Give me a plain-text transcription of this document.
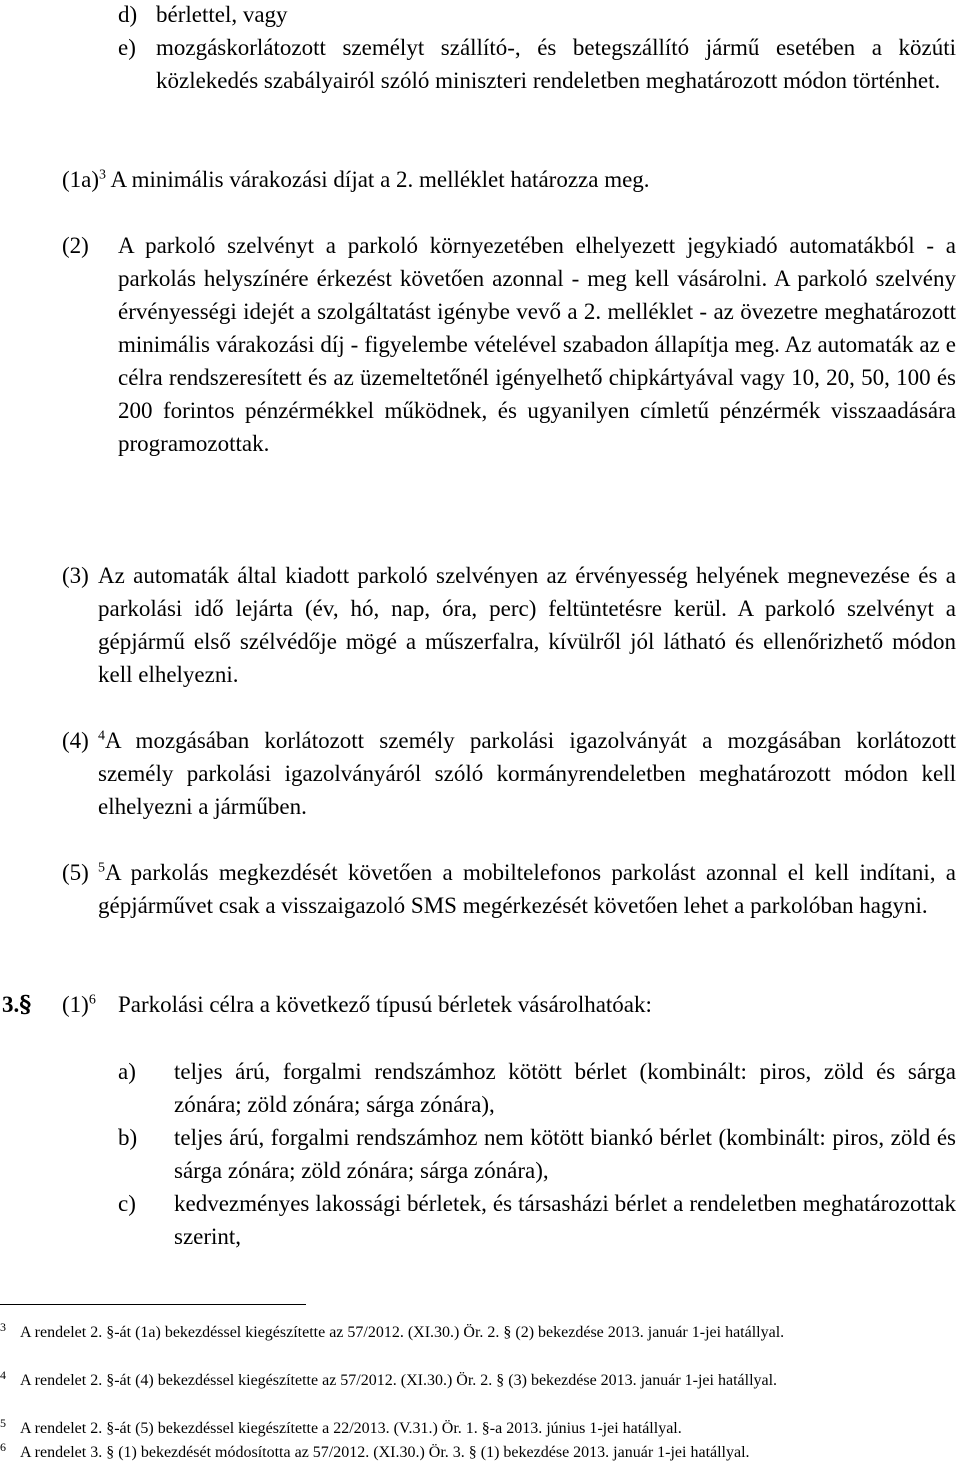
d) bérlettel, vagy
e) mozgáskorlátozott személyt szállító-, és betegszállító jármű esetében a közúti közlekedés szabályairól szóló miniszteri rendeletben meghatározott módon történhet.
$(1a)^3$ A minimális várakozási díjat a 2. melléklet határozza meg.
(2) A parkoló szelvényt a parkoló környezetében elhelyezett jegykiadó automatákból - a parkolás helyszínére érkezést követően azonnal - meg kell vásárolni. A parkoló szelvény érvényességi idejét a szolgáltatást igénybe vevő a 2. melléklet - az övezetre meghatározott minimális várakozási díj - figyelembe vételével szabadon állapítja meg. Az automaták az e célra rendszeresített és az üzemeltetőnél igényelhető chipkártyával vagy 10, 20, 50, 100 és 200 forintos pénzérmékkel működnek, és ugyanilyen címletű pénzérmék visszaadására programozottak.
(3) Az automaták által kiadott parkoló szelvényen az érvényesség helyének megnevezése és a parkolási idő lejárta (év, hó, nap, óra, perc) feltüntetésre kerül. A parkoló szelvényt a gépjármű első szélvédője mögé a műszerfalra, kívülről jól látható és ellenőrizhető módon kell elhelyezni.
(4) $^4$A mozgásában korlátozott személy parkolási igazolványát a mozgásában korlátozott személy parkolási igazolványáról szóló kormányrendeletben meghatározott módon kell elhelyezni a járműben.
(5) $^5$A parkolás megkezdését követően a mobiltelefonos parkolást azonnal el kell indítani, a gépjárművet csak a visszaigazoló SMS megérkezését követően lehet a parkolóban hagyni.
3.§ $(1)^6$ Parkolási célra a következő típusú bérletek vásárolhatóak:
a) teljes árú, forgalmi rendszámhoz kötött bérlet (kombinált: piros, zöld és sárga zónára; zöld zónára; sárga zónára),
b) teljes árú, forgalmi rendszámhoz nem kötött biankó bérlet (kombinált: piros, zöld és sárga zónára; zöld zónára; sárga zónára),
c) kedvezményes lakossági bérletek, és társasházi bérlet a rendeletben meghatározottak szerint,
3 A rendelet 2. §-át (1a) bekezdéssel kiegészítette az 57/2012. (XI.30.) Ör. 2. § (2) bekezdése 2013. január 1-jei hatállyal.
4 A rendelet 2. §-át (4) bekezdéssel kiegészítette az 57/2012. (XI.30.) Ör. 2. § (3) bekezdése 2013. január 1-jei hatállyal.
5 A rendelet 2. §-át (5) bekezdéssel kiegészítette a 22/2013. (V.31.) Ör. 1. §-a 2013. június 1-jei hatállyal.
6 A rendelet 3. § (1) bekezdését módosította az 57/2012. (XI.30.) Ör. 3. § (1) bekezdése 2013. január 1-jei hatállyal.
